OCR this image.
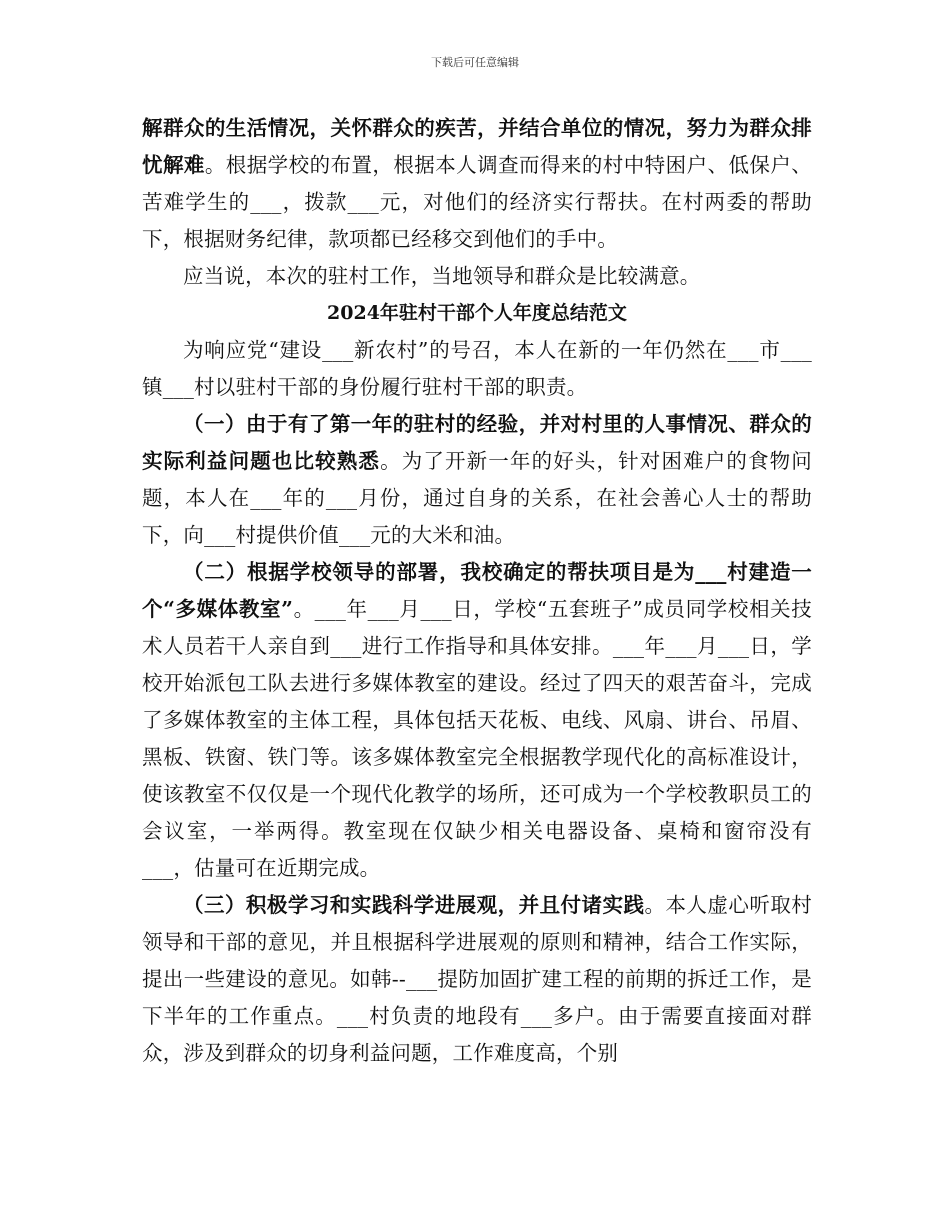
下载后可任意编辑

解群众的生活情况，关怀群众的疾苦，并结合单位的情况，努力为群众排忧解难。根据学校的布置，根据本人调查而得来的村中特困户、低保户、苦难学生的___，拨款___元，对他们的经济实行帮扶。在村两委的帮助下，根据财务纪律，款项都已经移交到他们的手中。

应当说，本次的驻村工作，当地领导和群众是比较满意。

2024年驻村干部个人年度总结范文

为响应党“建设___新农村”的号召，本人在新的一年仍然在___市___镇___村以驻村干部的身份履行驻村干部的职责。

（一）由于有了第一年的驻村的经验，并对村里的人事情况、群众的实际利益问题也比较熟悉。为了开新一年的好头，针对困难户的食物问题，本人在___年的___月份，通过自身的关系，在社会善心人士的帮助下，向___村提供价值___元的大米和油。

（二）根据学校领导的部署，我校确定的帮扶项目是为___村建造一个“多媒体教室”。___年___月___日，学校“五套班子”成员同学校相关技术人员若干人亲自到___进行工作指导和具体安排。___年___月___日，学校开始派包工队去进行多媒体教室的建设。经过了四天的艰苦奋斗，完成了多媒体教室的主体工程，具体包括天花板、电线、风扇、讲台、吊眉、黑板、铁窗、铁门等。该多媒体教室完全根据教学现代化的高标准设计，使该教室不仅仅是一个现代化教学的场所，还可成为一个学校教职员工的会议室，一举两得。教室现在仅缺少相关电器设备、桌椅和窗帘没有___，估量可在近期完成。

（三）积极学习和实践科学进展观，并且付诸实践。本人虚心听取村领导和干部的意见，并且根据科学进展观的原则和精神，结合工作实际，提出一些建设的意见。如韩--___提防加固扩建工程的前期的拆迁工作，是下半年的工作重点。___村负责的地段有___多户。由于需要直接面对群众，涉及到群众的切身利益问题，工作难度高，个别
